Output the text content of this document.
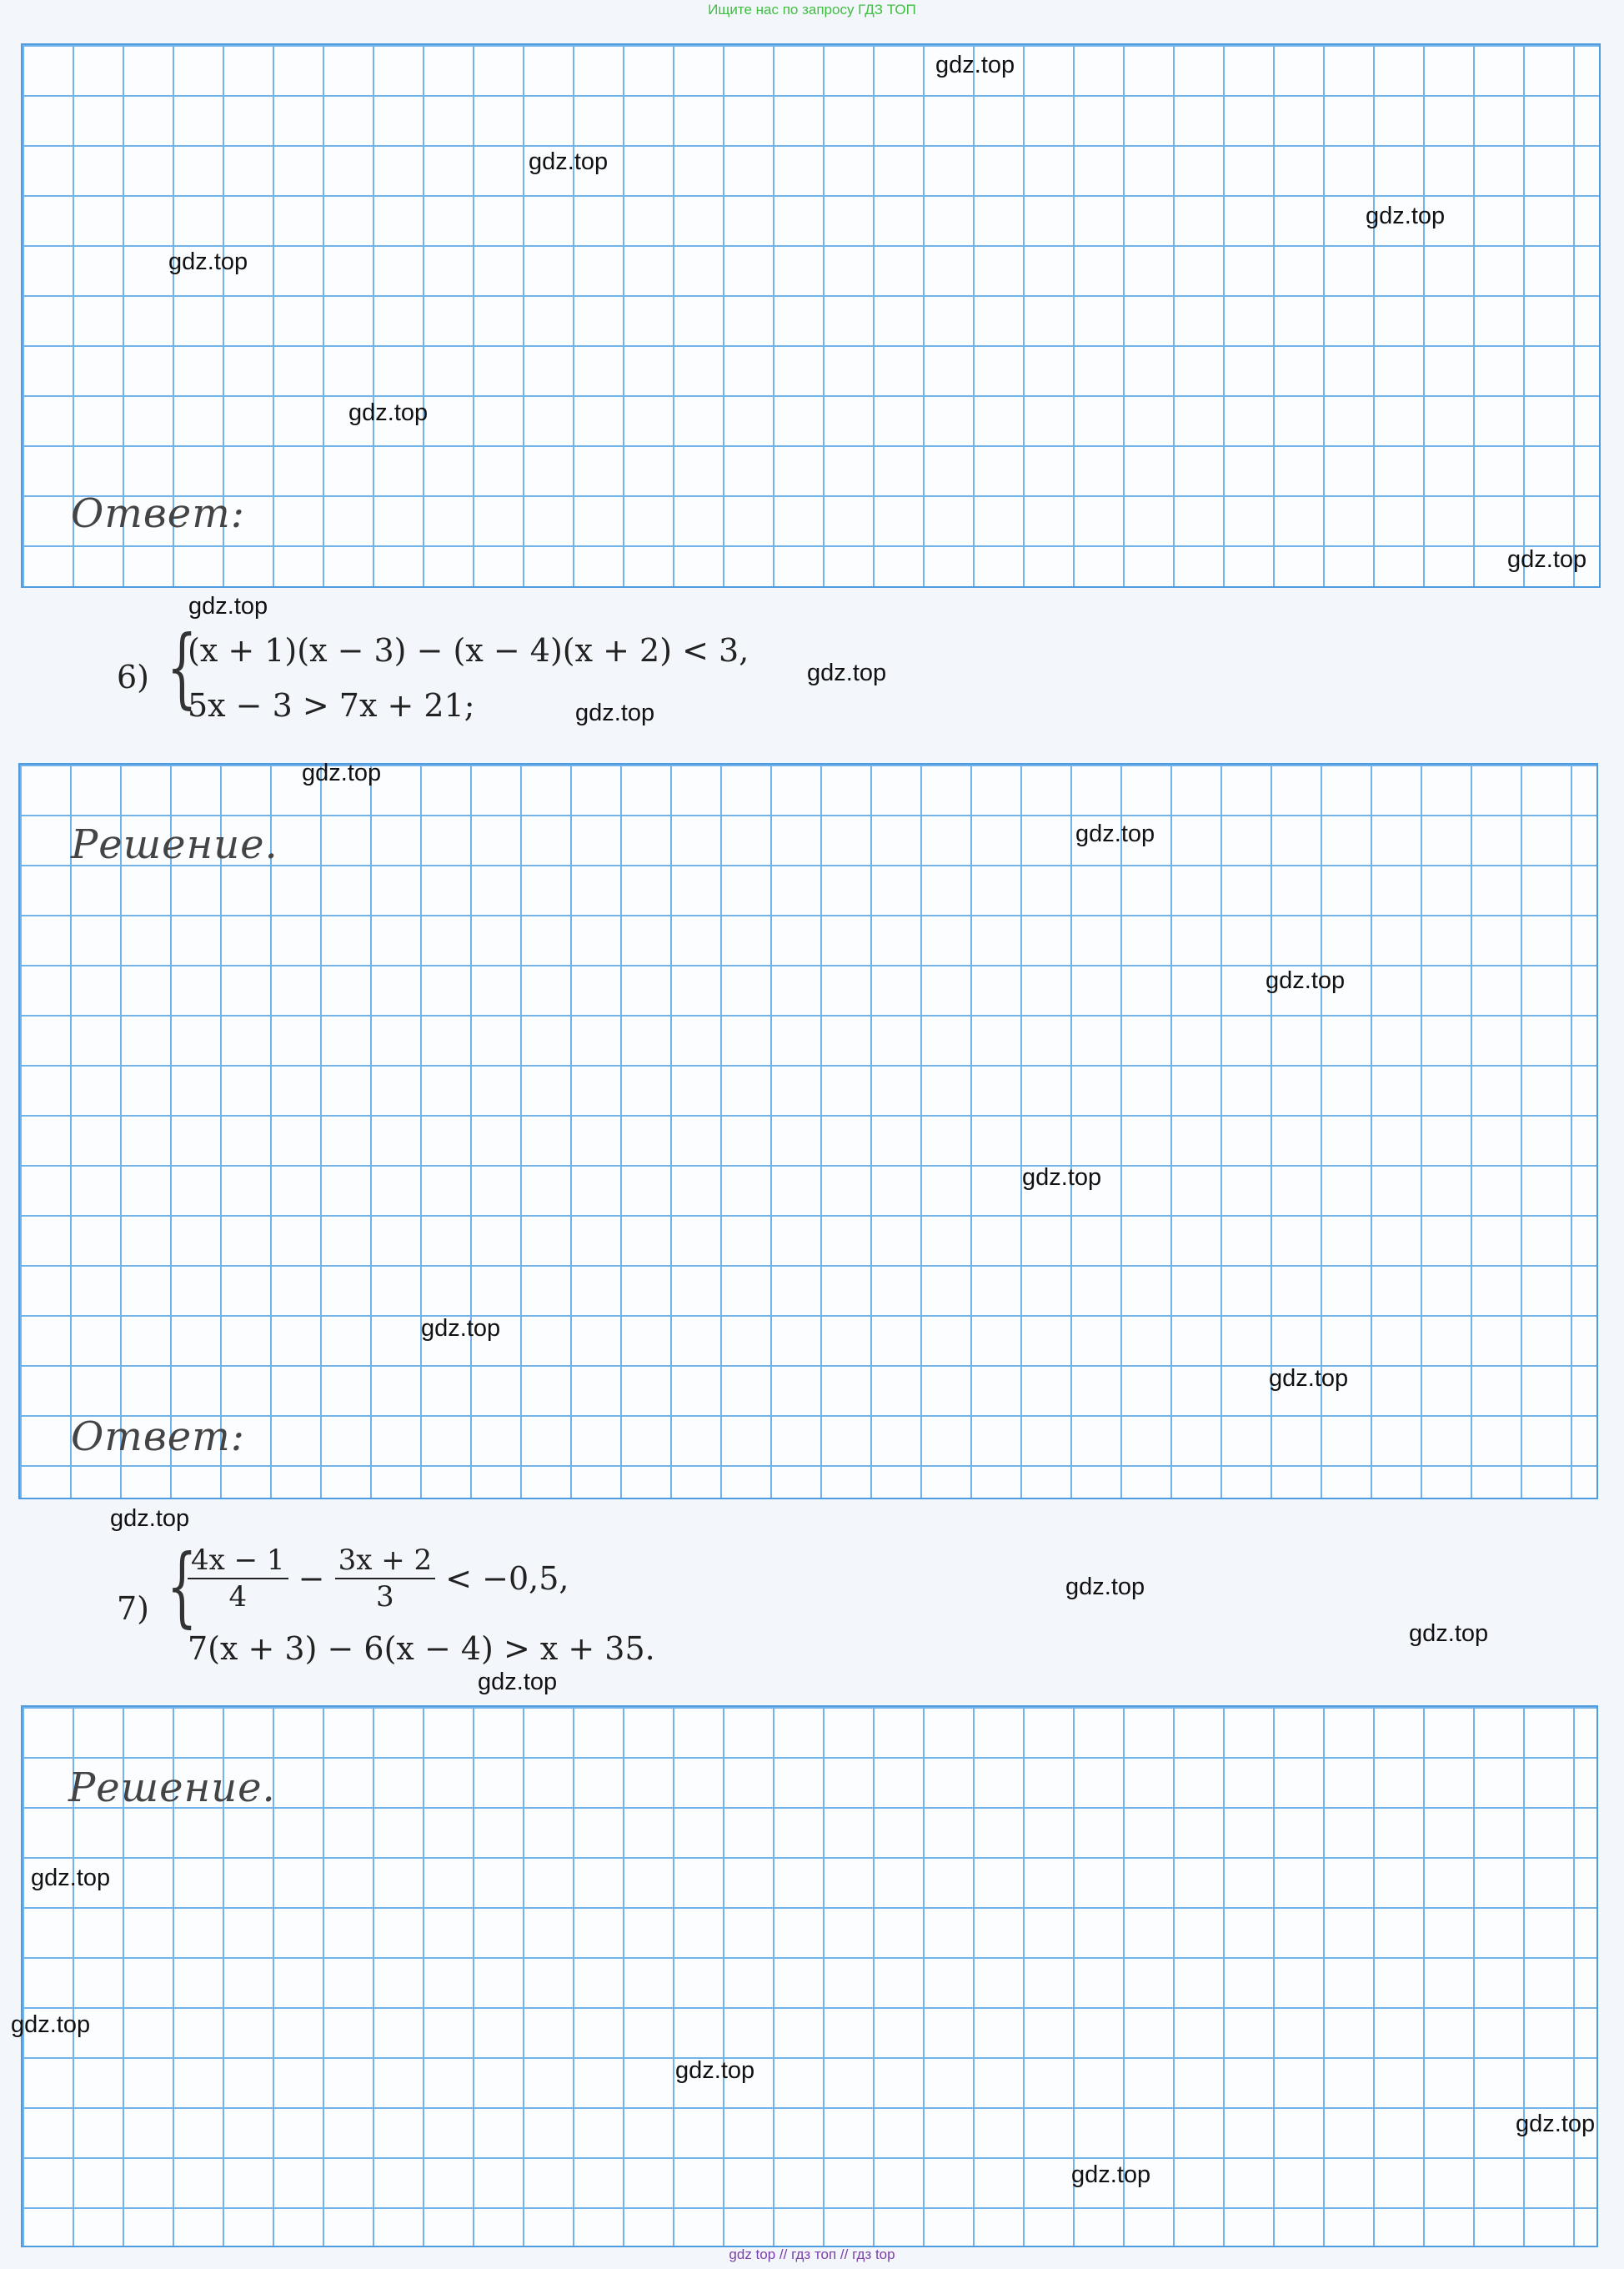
Ищите нас по запросу ГДЗ ТОП
Ответ:
6) {
(x + 1)(x − 3) − (x − 4)(x + 2) < 3,
5x − 3 > 7x + 21;
Решение.
Ответ:
7) {
$\frac{4x - 1}{4} - \frac{3x + 2}{3} < -0,5$,
7(x + 3) − 6(x − 4) > x + 35.
Решение.
gdz.top
gdz.top
gdz.top
gdz.top
gdz.top
gdz.top
gdz.top
gdz.top
gdz.top
gdz.top
gdz.top
gdz.top
gdz.top
gdz.top
gdz.top
gdz.top
gdz.top
gdz.top
gdz.top
gdz.top
gdz.top
gdz.top
gdz.top
gdz.top
gdz top // гдз топ // гдз top
